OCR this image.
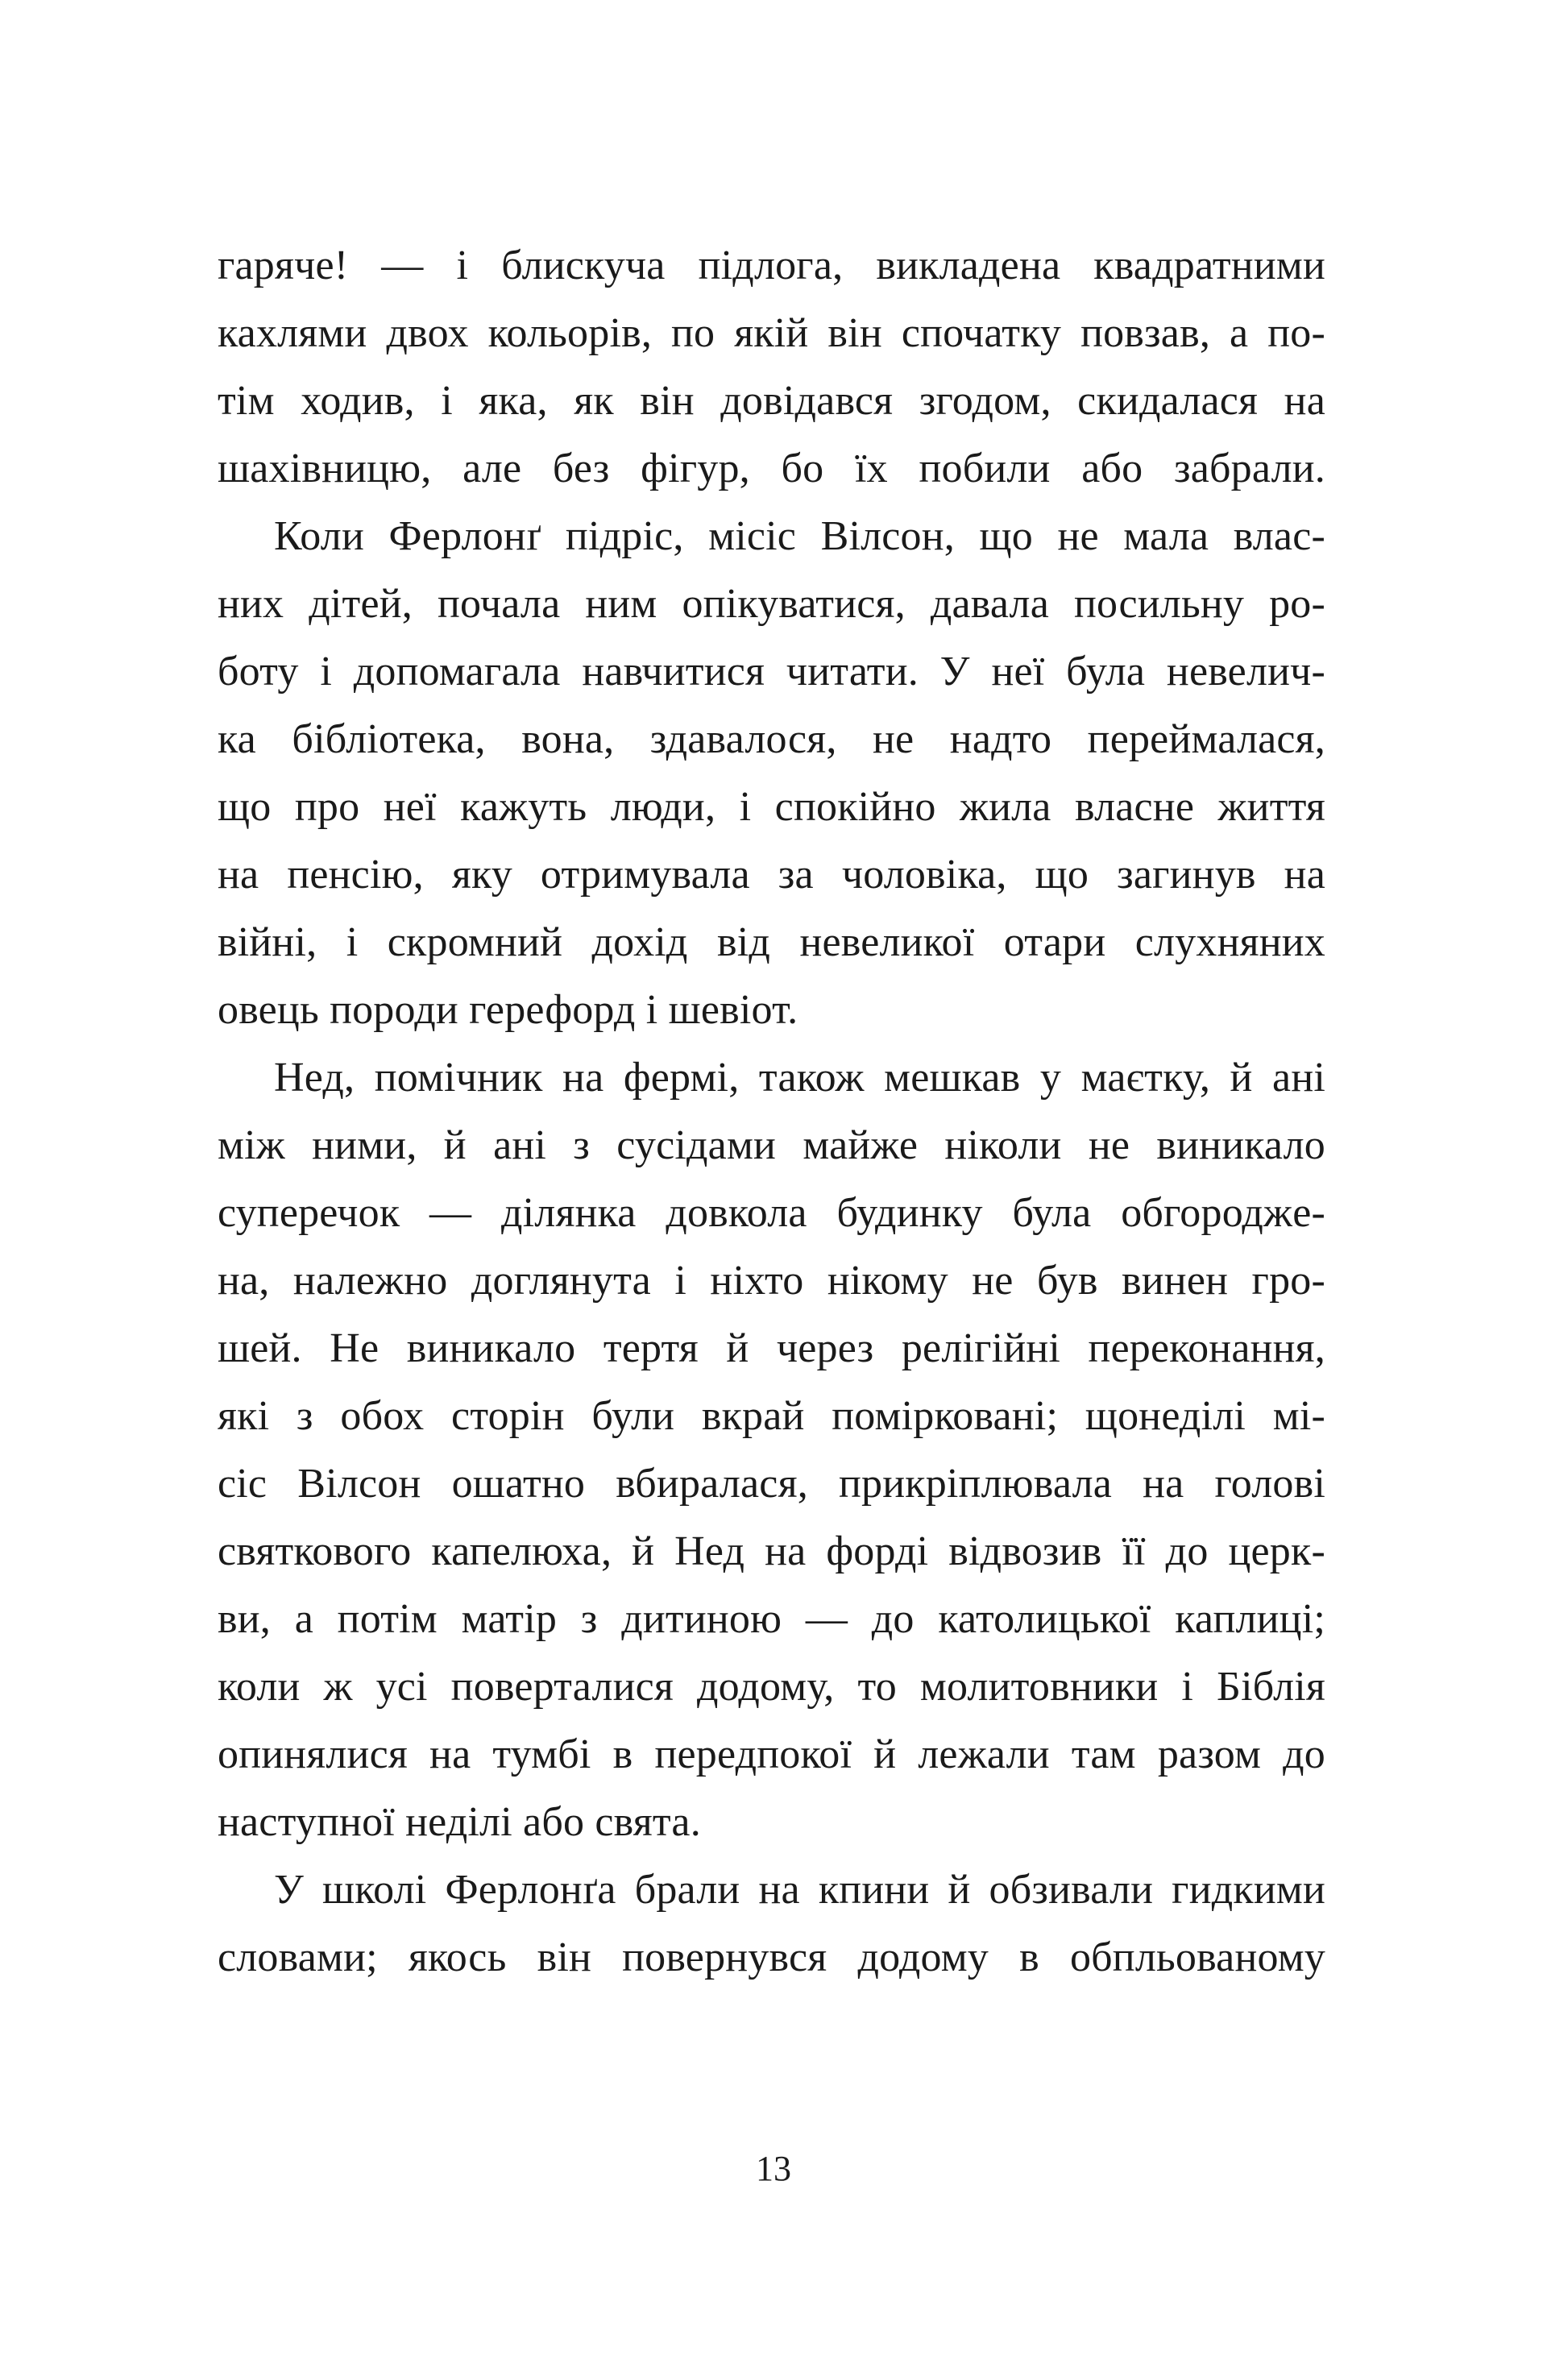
гаряче! — і блискуча підлога, викладена квадратними
кахлями двох кольорів, по якій він спочатку повзав, а по-
тім ходив, і яка, як він довідався згодом, скидалася на
шахівницю, але без фігур, бо їх побили або забрали.
Коли Ферлонґ підріс, місіс Вілсон, що не мала влас-
них дітей, почала ним опікуватися, давала посильну ро-
боту і допомагала навчитися читати. У неї була невелич-
ка бібліотека, вона, здавалося, не надто переймалася,
що про неї кажуть люди, і спокійно жила власне життя
на пенсію, яку отримувала за чоловіка, що загинув на
війні, і скромний дохід від невеликої отари слухняних
овець породи герефорд і шевіот.
Нед, помічник на фермі, також мешкав у маєтку, й ані
між ними, й ані з сусідами майже ніколи не виникало
суперечок — ділянка довкола будинку була обгороджe-
на, належно доглянута і ніхто нікому не був винен гро-
шей. Не виникало тертя й через релігійні переконання,
які з обох сторін були вкрай помірковані; щонеділі мі-
сіс Вілсон ошатно вбиралася, прикріплювала на голові
святкового капелюха, й Нед на форді відвозив її до церк-
ви, а потім матір з дитиною — до католицької каплиці;
коли ж усі поверталися додому, то молитовники і Біблія
опинялися на тумбі в передпокої й лежали там разом до
наступної неділі або свята.
У школі Ферлонґа брали на кпини й обзивали гидкими
словами; якось він повернувся додому в обпльованому
13
